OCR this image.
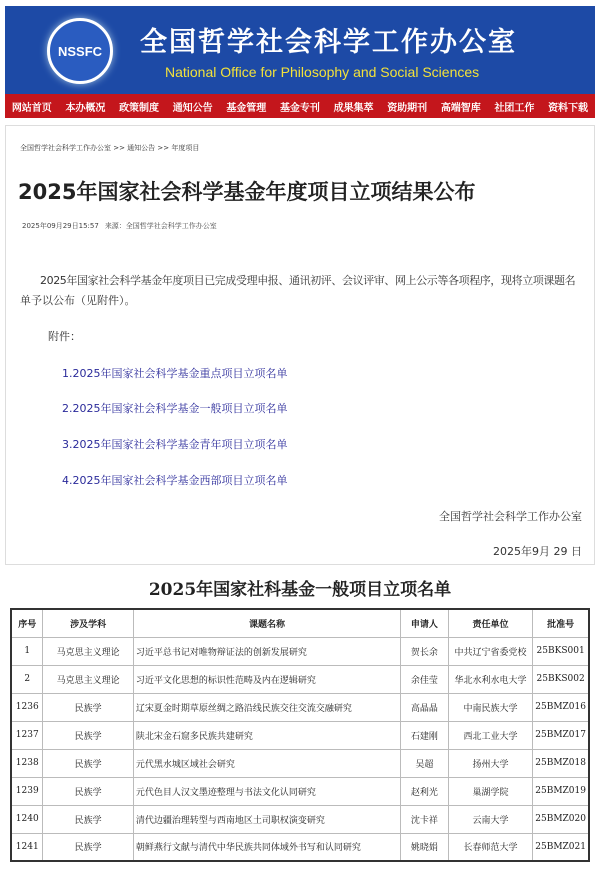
NSSFC	全国哲学社会科学工作办公室
National Office for Philosophy and Social Sciences
网站首页 本办概况 政策制度 通知公告 基金管理 基金专刊 成果集萃 资助期刊 高端智库 社团工作 资料下载
全国哲学社会科学工作办公室 >> 通知公告 >> 年度项目
2025年国家社会科学基金年度项目立项结果公布
2025年09月29日15:57 来源：全国哲学社会科学工作办公室
2025年国家社会科学基金年度项目已完成受理申报、通讯初评、会议评审、网上公示等各项程序，现将立项课题名
单予以公布（见附件）。
附件：
1.2025年国家社会科学基金重点项目立项名单
2.2025年国家社会科学基金一般项目立项名单
3.2025年国家社会科学基金青年项目立项名单
4.2025年国家社会科学基金西部项目立项名单
全国哲学社会科学工作办公室
2025年9月 29 日
2025年国家社科基金一般项目立项名单
序号	涉及学科	课题名称	申请人	责任单位	批准号
1	马克思主义理论	习近平总书记对唯物辩证法的创新发展研究	贺长余	中共辽宁省委党校	25BKS001
2	马克思主义理论	习近平文化思想的标识性范畴及内在逻辑研究	余佳莹	华北水利水电大学	25BKS002
1236	民族学	辽宋夏金时期草原丝绸之路沿线民族交往交流交融研究	高晶晶	中南民族大学	25BMZ016
1237	民族学	陕北宋金石窟多民族共建研究	石建刚	西北工业大学	25BMZ017
1238	民族学	元代黑水城区域社会研究	吴超	扬州大学	25BMZ018
1239	民族学	元代色目人汉文墨迹整理与书法文化认同研究	赵利光	巢湖学院	25BMZ019
1240	民族学	清代边疆治理转型与西南地区土司职权演变研究	沈卡祥	云南大学	25BMZ020
1241	民族学	朝鲜燕行文献与清代中华民族共同体域外书写和认同研究	姚晓娟	长春师范大学	25BMZ021
